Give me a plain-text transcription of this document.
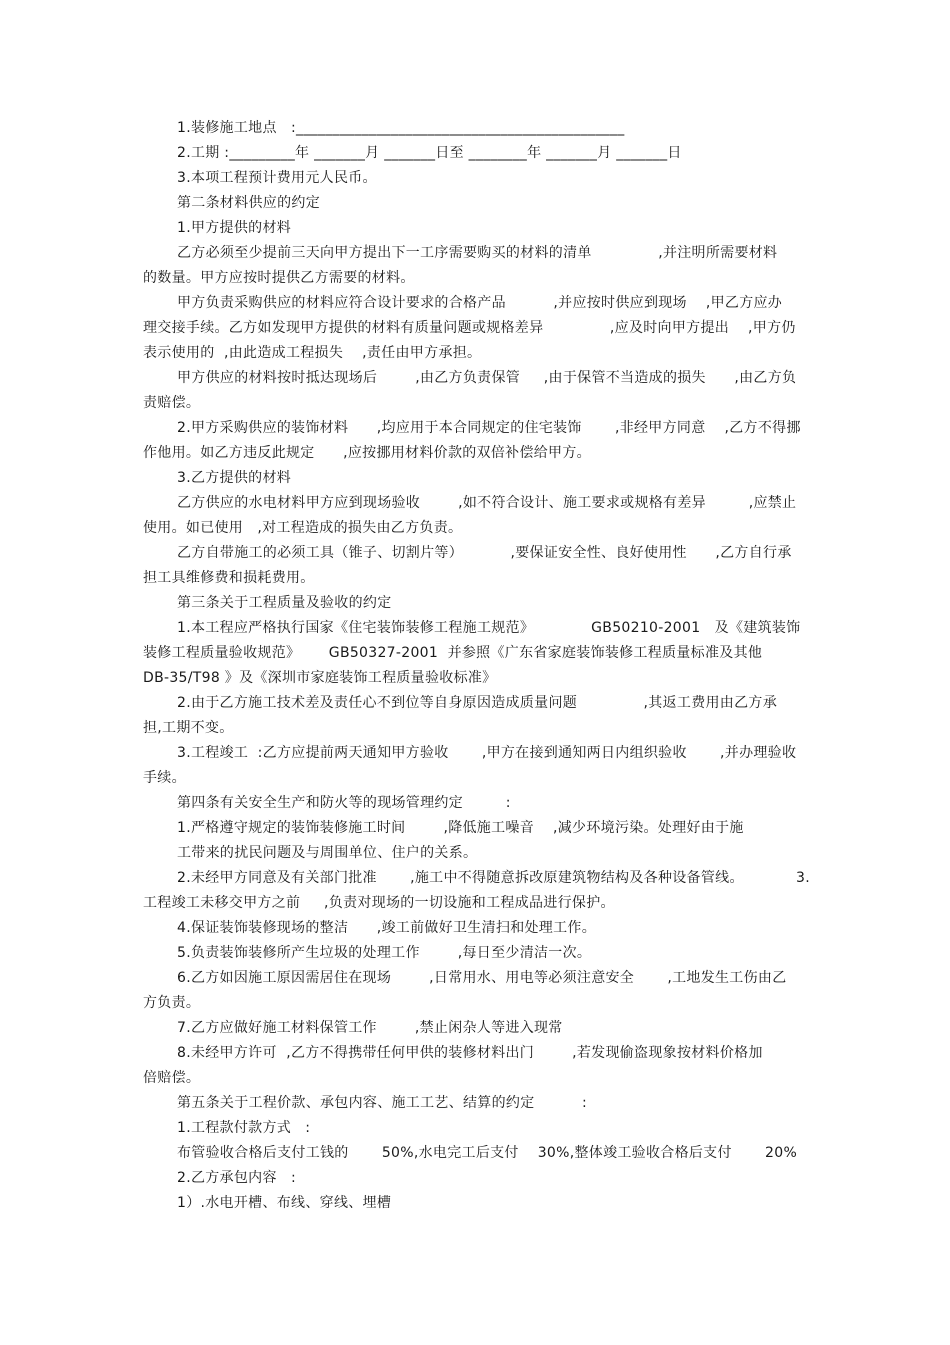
1.装修施工地点   :_____________________________________________
2.工期 :_________年 _______月 _______日至 ________年 _______月 _______日
3.本项工程预计费用元人民币。
第二条材料供应的约定
1.甲方提供的材料
乙方必须至少提前三天向甲方提出下一工序需要购买的材料的清单              ,并注明所需要材料
的数量。甲方应按时提供乙方需要的材料。
甲方负责采购供应的材料应符合设计要求的合格产品          ,并应按时供应到现场    ,甲乙方应办
理交接手续。乙方如发现甲方提供的材料有质量问题或规格差异              ,应及时向甲方提出    ,甲方仍
表示使用的  ,由此造成工程损失    ,责任由甲方承担。
甲方供应的材料按时抵达现场后        ,由乙方负责保管     ,由于保管不当造成的损失      ,由乙方负
责赔偿。
2.甲方采购供应的装饰材料      ,均应用于本合同规定的住宅装饰       ,非经甲方同意    ,乙方不得挪
作他用。如乙方违反此规定      ,应按挪用材料价款的双倍补偿给甲方。
3.乙方提供的材料
乙方供应的水电材料甲方应到现场验收        ,如不符合设计、施工要求或规格有差异         ,应禁止
使用。如已使用   ,对工程造成的损失由乙方负责。
乙方自带施工的必须工具（锥子、切割片等）          ,要保证安全性、良好使用性      ,乙方自行承
担工具维修费和损耗费用。
第三条关于工程质量及验收的约定
1.本工程应严格执行国家《住宅装饰装修工程施工规范》            GB50210-2001   及《建筑装饰
装修工程质量验收规范》      GB50327-2001  并参照《广东省家庭装饰装修工程质量标准及其他
DB-35/T98 》及《深圳市家庭装饰工程质量验收标准》
2.由于乙方施工技术差及责任心不到位等自身原因造成质量问题              ,其返工费用由乙方承
担,工期不变。
3.工程竣工  :乙方应提前两天通知甲方验收       ,甲方在接到通知两日内组织验收       ,并办理验收
手续。
第四条有关安全生产和防火等的现场管理约定         :
1.严格遵守规定的装饰装修施工时间        ,降低施工噪音    ,减少环境污染。处理好由于施
工带来的扰民问题及与周围单位、住户的关系。
2.未经甲方同意及有关部门批准       ,施工中不得随意拆改原建筑物结构及各种设备管线。           3.
工程竣工未移交甲方之前     ,负责对现场的一切设施和工程成品进行保护。
4.保证装饰装修现场的整洁      ,竣工前做好卫生清扫和处理工作。
5.负责装饰装修所产生垃圾的处理工作        ,每日至少清洁一次。
6.乙方如因施工原因需居住在现场        ,日常用水、用电等必须注意安全       ,工地发生工伤由乙
方负责。
7.乙方应做好施工材料保管工作        ,禁止闲杂人等进入现常
8.未经甲方许可  ,乙方不得携带任何甲供的装修材料出门        ,若发现偷盗现象按材料价格加
倍赔偿。
第五条关于工程价款、承包内容、施工工艺、结算的约定          :
1.工程款付款方式   :
布管验收合格后支付工钱的       50%,水电完工后支付    30%,整体竣工验收合格后支付       20%
2.乙方承包内容   :
1）.水电开槽、布线、穿线、埋槽
